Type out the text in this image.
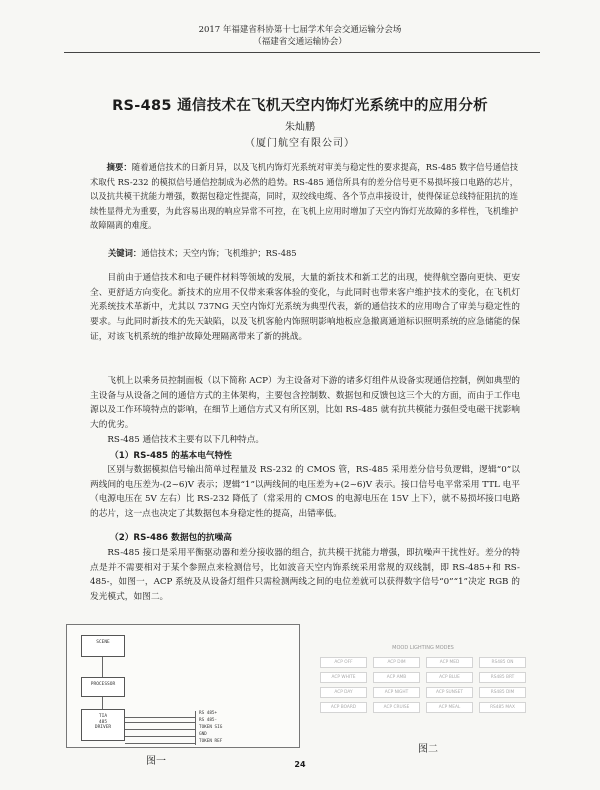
2017 年福建省科协第十七届学术年会交通运输分会场
（福建省交通运输协会）
RS-485 通信技术在飞机天空内饰灯光系统中的应用分析
朱灿鹏
（厦门航空有限公司）
摘要：随着通信技术的日新月异，以及飞机内饰灯光系统对审美与稳定性的要求提高，RS-485 数字信号通信技术取代 RS-232 的模拟信号通信控制成为必然的趋势。RS-485 通信所具有的差分信号更不易损坏接口电路的芯片，以及抗共模干扰能力增强，数据包稳定性提高，同时，双绞线电缆、各个节点串接设计，使得保证总线特征阻抗的连续性显得尤为重要，为此容易出现的响应异常不可控，在飞机上应用时增加了天空内饰灯光故障的多样性，飞机维护故障隔离的难度。
关键词：通信技术；天空内饰；飞机维护；RS-485
目前由于通信技术和电子硬件材料等领域的发展，大量的新技术和新工艺的出现，使得航空器向更快、更安全、更舒适方向变化。新技术的应用不仅带来乘客体验的变化，与此同时也带来客户维护技术的变化，在飞机灯光系统技术革新中，尤其以 737NG 天空内饰灯光系统为典型代表，新的通信技术的应用吻合了审美与稳定性的要求。与此同时新技术的先天缺陷，以及飞机客舱内饰照明影响地板应急撤离通道标识照明系统的应急储能的保证，对该飞机系统的维护故障处理隔离带来了新的挑战。
飞机上以乘务员控制面板（以下简称 ACP）为主设备对下游的诸多灯组件从设备实现通信控制，例如典型的主设备与从设备之间的通信方式的主体架构，主要包含控制数、数据包和反馈包这三个大的方面，而由于工作电源以及工作环境特点的影响，在细节上通信方式又有所区别，比如 RS-485 就有抗共模能力强但受电磁干扰影响大的优劣。
RS-485 通信技术主要有以下几种特点。
（1）RS-485 的基本电气特性
区别与数据模拟信号输出简单过程量及 RS-232 的 CMOS 管，RS-485 采用差分信号负逻辑，逻辑“0”以两线间的电压差为-(2~6)V 表示；逻辑“1”以两线间的电压差为+(2~6)V 表示。接口信号电平常采用 TTL 电平（电源电压在 5V 左右）比 RS-232 降低了（常采用的 CMOS 的电源电压在 15V 上下），就不易损坏接口电路的芯片，这一点也决定了其数据包本身稳定性的提高，出错率低。
（2）RS-486 数据包的抗噪高
RS-485 接口是采用平衡驱动器和差分接收器的组合，抗共模干扰能力增强，即抗噪声干扰性好。差分的特点是并不需要相对于某个参照点来检测信号，比如波音天空内饰系统采用常规的双线制，即 RS-485+和 RS-485-，如图一，ACP 系统及从设备灯组件只需检测两线之间的电位差就可以获得数字信号“0”“1”决定 RGB 的发光模式，如图二。
SCENE
PROCESSOR
TIA
485
DRIVER
RS 485+
RS 485-
TOKEN SIG
GND
TOKEN REF
MOOD LIGHTING MODES
ACP OFF	ACP DIM	ACP MED	RS485 ON
ACP WHITE	ACP AMB	ACP BLUE	RS485 BRT
ACP DAY	ACP NIGHT	ACP SUNSET	RS485 DIM
ACP BOARD	ACP CRUISE	ACP MEAL	RS485 MAX
图一
图二
24
